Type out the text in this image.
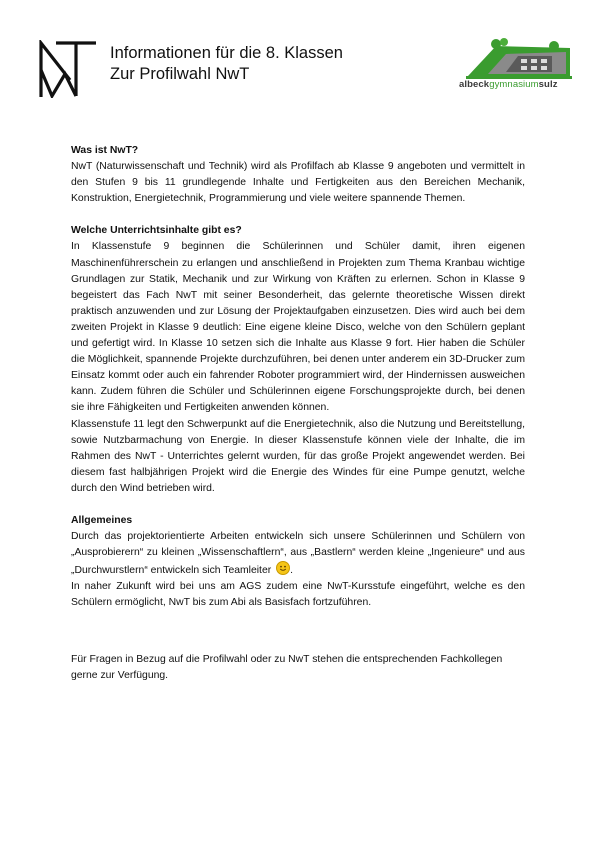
Informationen für die 8. Klassen
Zur Profilwahl NwT
albeckgymnasiumsulz
Was ist NwT?

NwT (Naturwissenschaft und Technik) wird als Profilfach ab Klasse 9 angeboten und vermittelt in den Stufen 9 bis 11 grundlegende Inhalte und Fertigkeiten aus den Bereichen Mechanik, Konstruktion, Energietechnik, Programmierung und viele weitere spannende Themen.

Welche Unterrichtsinhalte gibt es?

In Klassenstufe 9 beginnen die Schülerinnen und Schüler damit, ihren eigenen Maschinenführerschein zu erlangen und anschließend in Projekten zum Thema Kranbau wichtige Grundlagen zur Statik, Mechanik und zur Wirkung von Kräften zu erlernen. Schon in Klasse 9 begeistert das Fach NwT mit seiner Besonderheit, das gelernte theoretische Wissen direkt praktisch anzuwenden und zur Lösung der Projektaufgaben einzusetzen. Dies wird auch bei dem zweiten Projekt in Klasse 9 deutlich: Eine eigene kleine Disco, welche von den Schülern geplant und gefertigt wird. In Klasse 10 setzen sich die Inhalte aus Klasse 9 fort. Hier haben die Schüler die Möglichkeit, spannende Projekte durchzuführen, bei denen unter anderem ein 3D-Drucker zum Einsatz kommt oder auch ein fahrender Roboter programmiert wird, der Hindernissen ausweichen kann. Zudem führen die Schüler und Schülerinnen eigene Forschungsprojekte durch, bei denen sie ihre Fähigkeiten und Fertigkeiten anwenden können.

Klassenstufe 11 legt den Schwerpunkt auf die Energietechnik, also die Nutzung und Bereitstellung, sowie Nutzbarmachung von Energie. In dieser Klassenstufe können viele der Inhalte, die im Rahmen des NwT - Unterrichtes gelernt wurden, für das große Projekt angewendet werden. Bei diesem fast halbjährigen Projekt wird die Energie des Windes für eine Pumpe genutzt, welche durch den Wind betrieben wird.

Allgemeines

Durch das projektorientierte Arbeiten entwickeln sich unsere Schülerinnen und Schülern von „Ausprobierern“ zu kleinen „Wissenschaftlern“, aus „Bastlern“ werden kleine „Ingenieure“ und aus „Durchwurstlern“ entwickeln sich Teamleiter .

In naher Zukunft wird bei uns am AGS zudem eine NwT-Kursstufe eingeführt, welche es den Schülern ermöglicht, NwT bis zum Abi als Basisfach fortzuführen.

Für Fragen in Bezug auf die Profilwahl oder zu NwT stehen die entsprechenden Fachkollegen gerne zur Verfügung.
